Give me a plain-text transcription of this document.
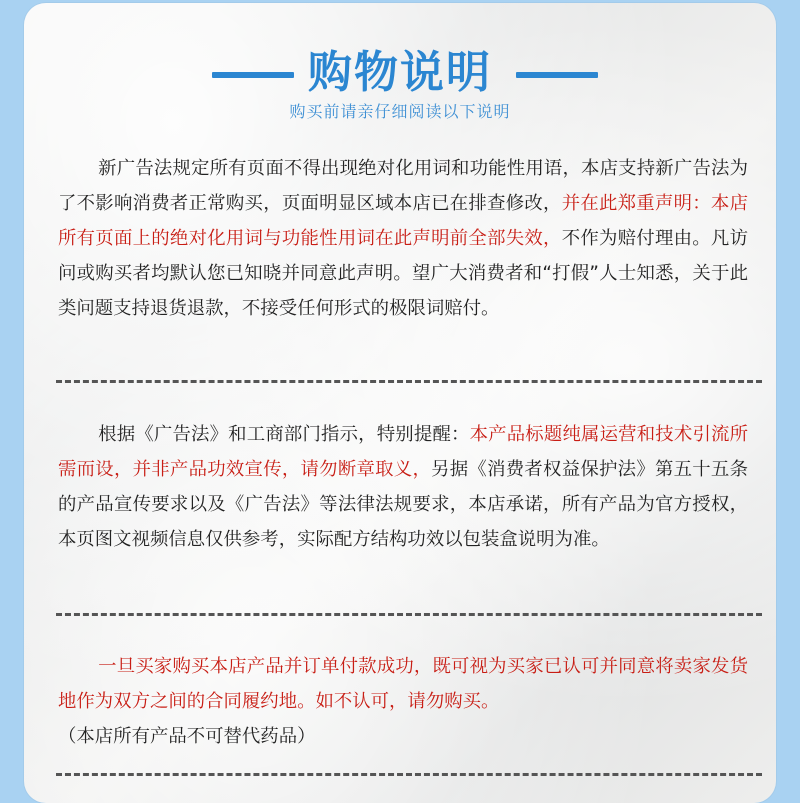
购物说明
购买前请亲仔细阅读以下说明
新广告法规定所有页面不得出现绝对化用词和功能性用语，本店支持新广告法为了不影响消费者正常购买，页面明显区域本店已在排查修改，并在此郑重声明：本店所有页面上的绝对化用词与功能性用词在此声明前全部失效，不作为赔付理由。凡访问或购买者均默认您已知晓并同意此声明。望广大消费者和“打假”人士知悉，关于此类问题支持退货退款，不接受任何形式的极限词赔付。
根据《广告法》和工商部门指示，特别提醒：本产品标题纯属运营和技术引流所需而设，并非产品功效宣传，请勿断章取义，另据《消费者权益保护法》第五十五条的产品宣传要求以及《广告法》等法律法规要求，本店承诺，所有产品为官方授权，本页图文视频信息仅供参考，实际配方结构功效以包装盒说明为准。
一旦买家购买本店产品并订单付款成功，既可视为买家已认可并同意将卖家发货地作为双方之间的合同履约地。如不认可，请勿购买。
（本店所有产品不可替代药品）
